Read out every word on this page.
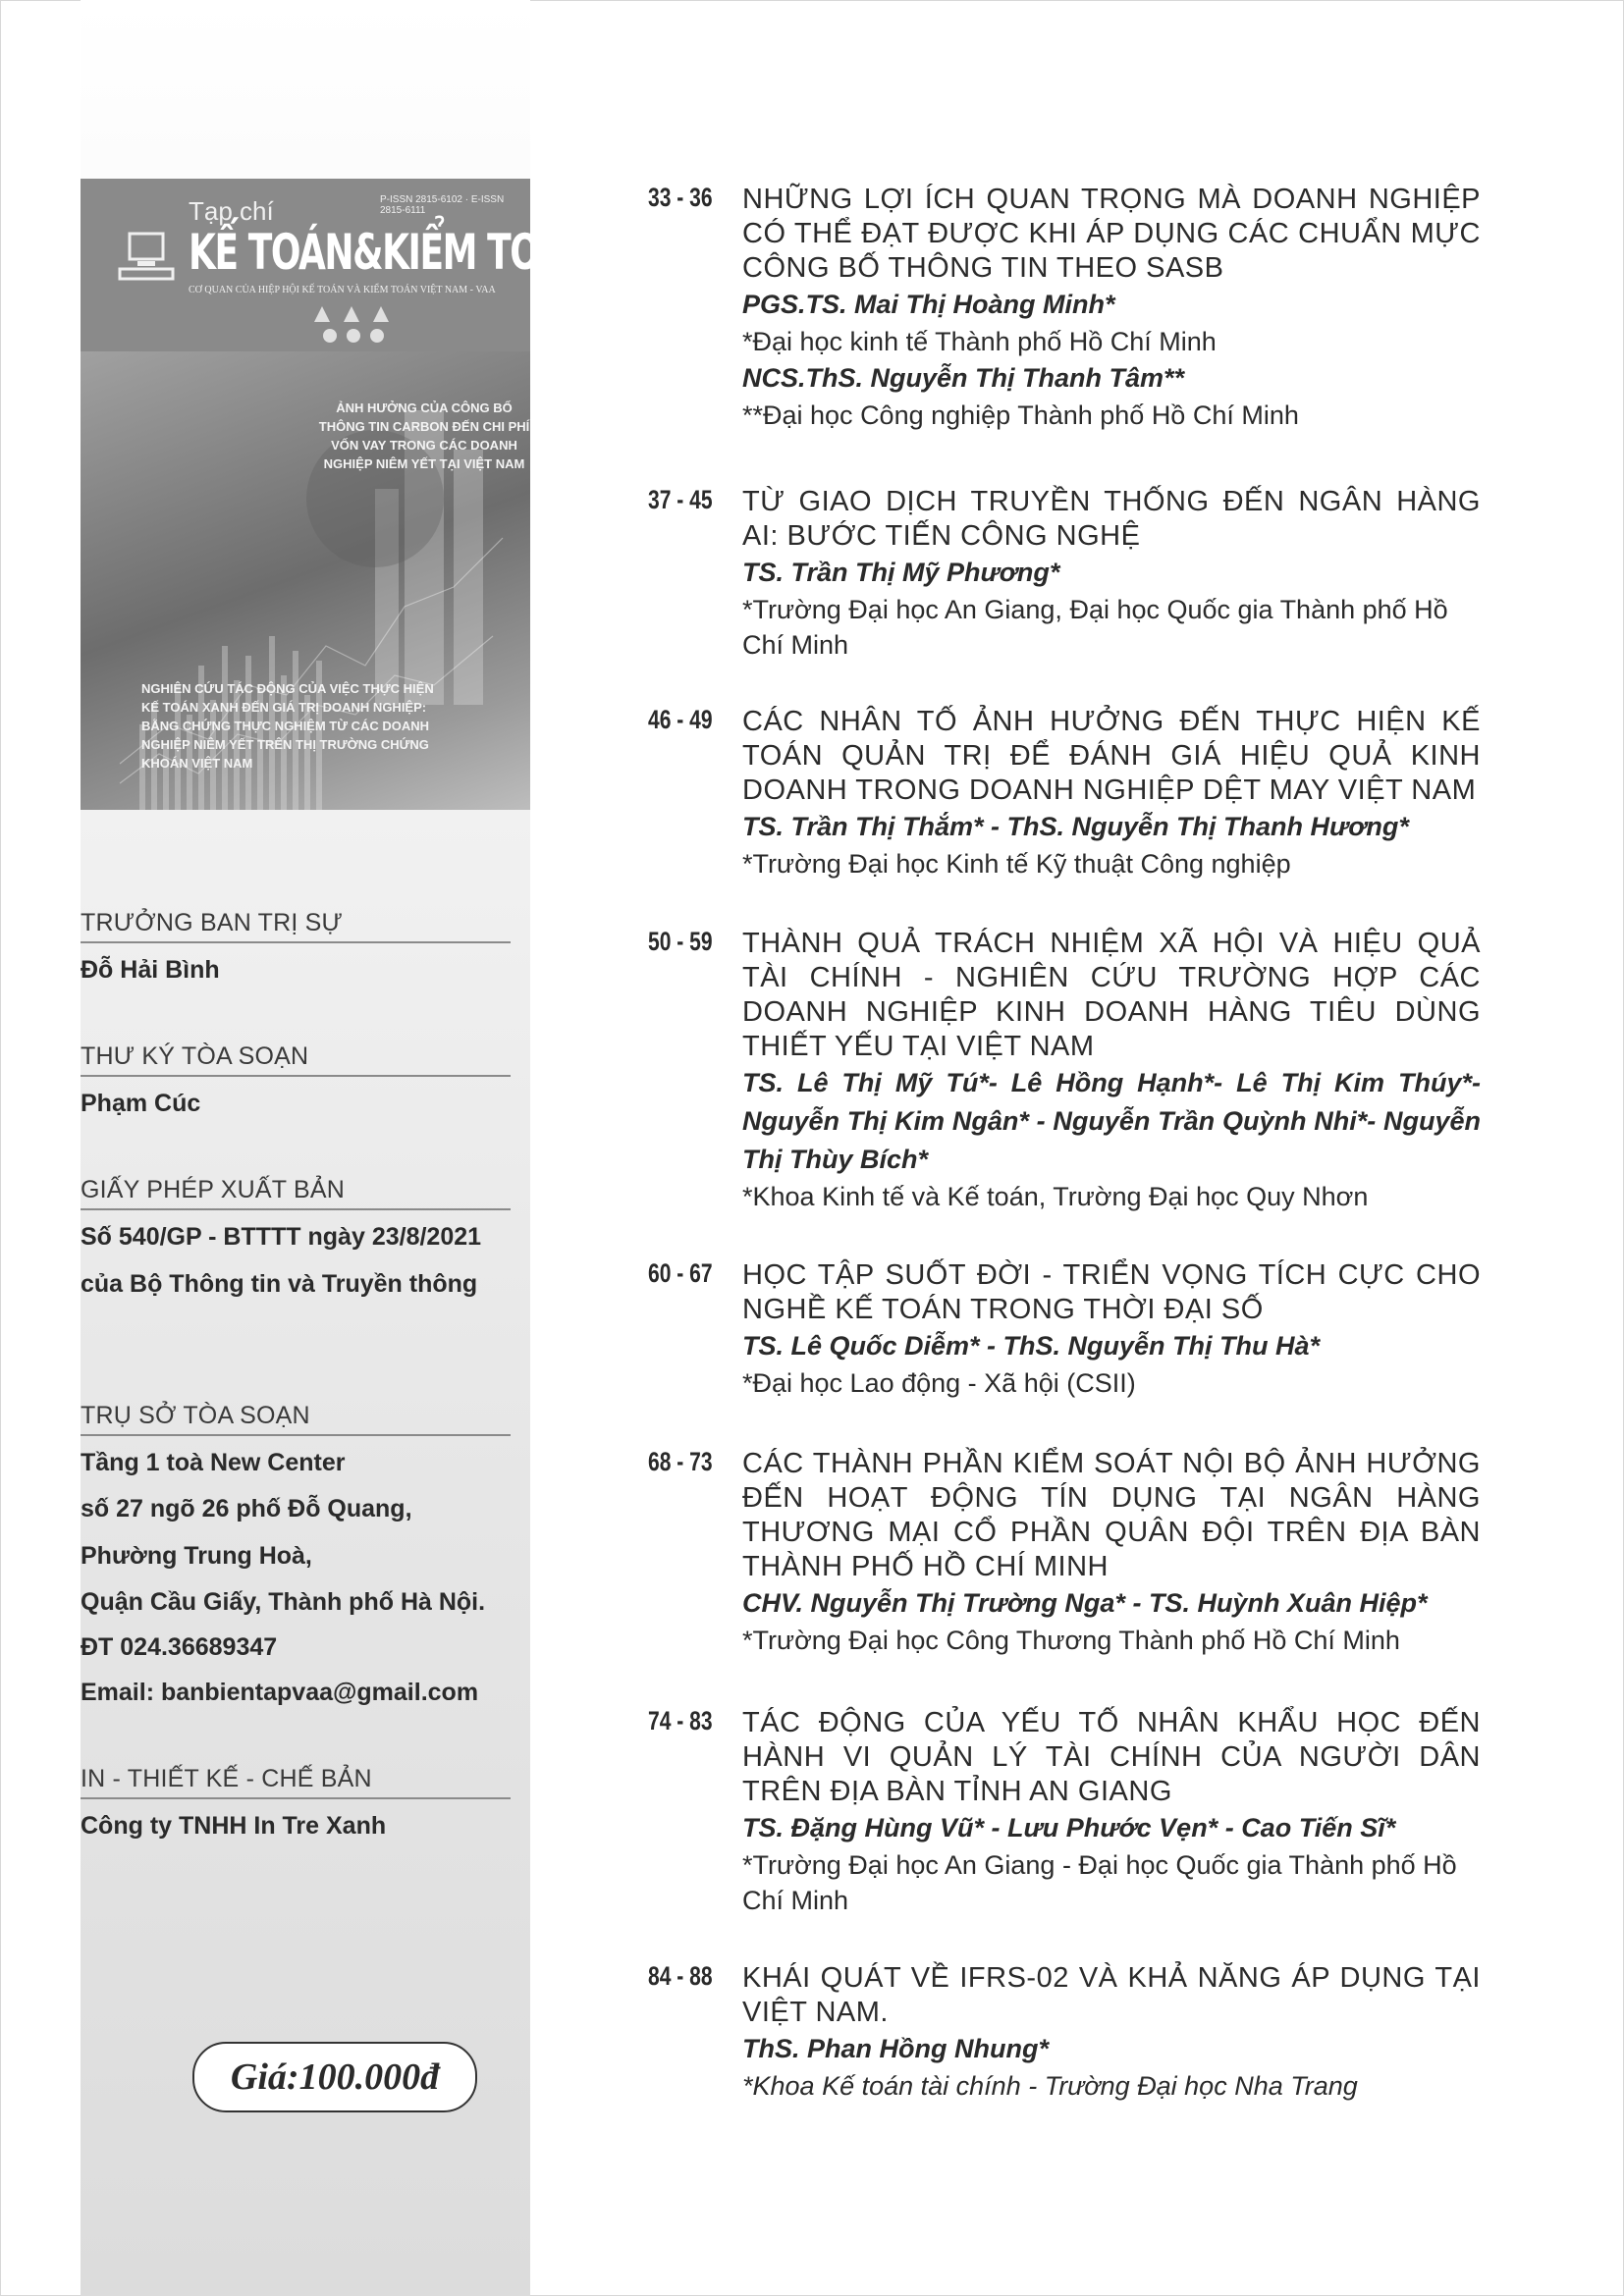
Tạp chí	P-ISSN 2815-6102 · E-ISSN 2815-6111
KẾ TOÁN&KIỂM TOÁN
CƠ QUAN CỦA HIỆP HỘI KẾ TOÁN VÀ KIỂM TOÁN VIỆT NAM - VAA
ẢNH HƯỞNG CỦA CÔNG BỐ THÔNG TIN CARBON ĐẾN CHI PHÍ VỐN VAY TRONG CÁC DOANH NGHIỆP NIÊM YẾT TẠI VIỆT NAM
NGHIÊN CỨU TÁC ĐỘNG CỦA VIỆC THỰC HIỆN KẾ TOÁN XANH ĐẾN GIÁ TRỊ DOANH NGHIỆP: BẰNG CHỨNG THỰC NGHIỆM TỪ CÁC DOANH NGHIỆP NIÊM YẾT TRÊN THỊ TRƯỜNG CHỨNG KHOÁN VIỆT NAM
TRƯỞNG BAN TRỊ SỰ
Đỗ Hải Bình
THƯ KÝ TÒA SOẠN
Phạm Cúc
GIẤY PHÉP XUẤT BẢN
Số 540/GP - BTTTT ngày 23/8/2021
của Bộ Thông tin và Truyền thông
TRỤ SỞ TÒA SOẠN
Tầng 1 toà New Center
số 27 ngõ 26 phố Đỗ Quang,
Phường Trung Hoà,
Quận Cầu Giấy, Thành phố Hà Nội.
ĐT 024.36689347
Email: banbientapvaa@gmail.com
IN - THIẾT KẾ - CHẾ BẢN
Công ty TNHH In Tre Xanh
Giá:100.000đ
33 - 36 NHỮNG LỢI ÍCH QUAN TRỌNG MÀ DOANH NGHIỆP CÓ THỂ ĐẠT ĐƯỢC KHI ÁP DỤNG CÁC CHUẨN MỰC CÔNG BỐ THÔNG TIN THEO SASB
PGS.TS. Mai Thị Hoàng Minh*
*Đại học kinh tế Thành phố Hồ Chí Minh
NCS.ThS. Nguyễn Thị Thanh Tâm**
**Đại học Công nghiệp Thành phố Hồ Chí Minh
37 - 45 TỪ GIAO DỊCH TRUYỀN THỐNG ĐẾN NGÂN HÀNG AI: BƯỚC TIẾN CÔNG NGHỆ
TS. Trần Thị Mỹ Phương*
*Trường Đại học An Giang, Đại học Quốc gia Thành phố Hồ Chí Minh
46 - 49 CÁC NHÂN TỐ ẢNH HƯỞNG ĐẾN THỰC HIỆN KẾ TOÁN QUẢN TRỊ ĐỂ ĐÁNH GIÁ HIỆU QUẢ KINH DOANH TRONG DOANH NGHIỆP DỆT MAY VIỆT NAM
TS. Trần Thị Thắm* - ThS. Nguyễn Thị Thanh Hương*
*Trường Đại học Kinh tế Kỹ thuật Công nghiệp
50 - 59 THÀNH QUẢ TRÁCH NHIỆM XÃ HỘI VÀ HIỆU QUẢ TÀI CHÍNH - NGHIÊN CỨU TRƯỜNG HỢP CÁC DOANH NGHIỆP KINH DOANH HÀNG TIÊU DÙNG THIẾT YẾU TẠI VIỆT NAM
TS. Lê Thị Mỹ Tú*- Lê Hồng Hạnh*- Lê Thị Kim Thúy*- Nguyễn Thị Kim Ngân* - Nguyễn Trần Quỳnh Nhi*- Nguyễn Thị Thùy Bích*
*Khoa Kinh tế và Kế toán, Trường Đại học Quy Nhơn
60 - 67 HỌC TẬP SUỐT ĐỜI - TRIỂN VỌNG TÍCH CỰC CHO NGHỀ KẾ TOÁN TRONG THỜI ĐẠI SỐ
TS. Lê Quốc Diễm* - ThS. Nguyễn Thị Thu Hà*
*Đại học Lao động - Xã hội (CSII)
68 - 73 CÁC THÀNH PHẦN KIỂM SOÁT NỘI BỘ ẢNH HƯỞNG ĐẾN HOẠT ĐỘNG TÍN DỤNG TẠI NGÂN HÀNG THƯƠNG MẠI CỔ PHẦN QUÂN ĐỘI TRÊN ĐỊA BÀN THÀNH PHỐ HỒ CHÍ MINH
CHV. Nguyễn Thị Trường Nga* - TS. Huỳnh Xuân Hiệp*
*Trường Đại học Công Thương Thành phố Hồ Chí Minh
74 - 83 TÁC ĐỘNG CỦA YẾU TỐ NHÂN KHẨU HỌC ĐẾN HÀNH VI QUẢN LÝ TÀI CHÍNH CỦA NGƯỜI DÂN TRÊN ĐỊA BÀN TỈNH AN GIANG
TS. Đặng Hùng Vũ* - Lưu Phước Vẹn* - Cao Tiến Sĩ*
*Trường Đại học An Giang - Đại học Quốc gia Thành phố Hồ Chí Minh
84 - 88 KHÁI QUÁT VỀ IFRS-02 VÀ KHẢ NĂNG ÁP DỤNG TẠI VIỆT NAM.
ThS. Phan Hồng Nhung*
*Khoa Kế toán tài chính - Trường Đại học Nha Trang
